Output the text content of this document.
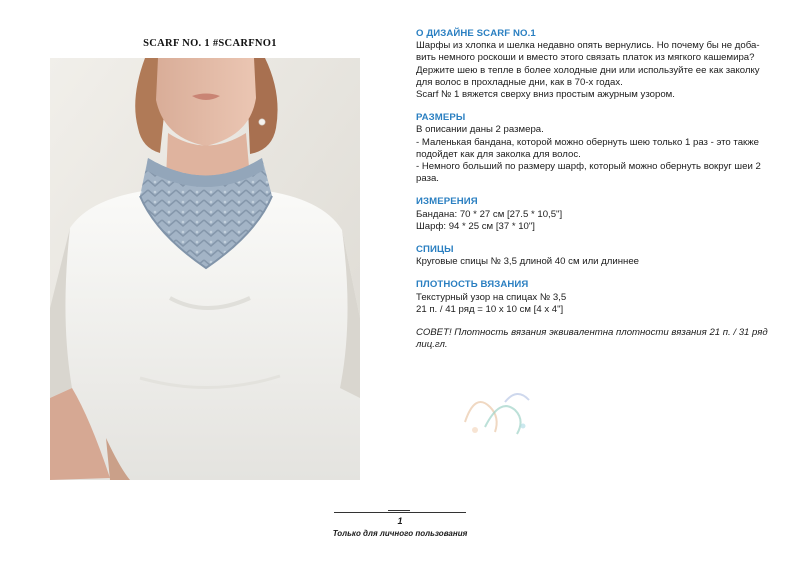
SCARF NO. 1 #SCARFNO1

О ДИЗАЙНЕ SCARF NO.1

Шарфы из хлопка и шелка недавно опять вернулись. Но почему бы не доба-вить немного роскоши и вместо этого связать платок из мягкого кашемира? Держите шею в тепле в более холодные дни или используйте ее как заколку для волос в прохладные дни, как в 70-х годах.

Scarf № 1 вяжется сверху вниз простым ажурным узором.

РАЗМЕРЫ

В описании даны 2 размера.

- Маленькая бандана, которой можно обернуть шею только 1 раз - это также подойдет как для заколка для волос.

- Немного больший по размеру шарф, который можно обернуть вокруг шеи 2 раза.

ИЗМЕРЕНИЯ

Бандана: 70 * 27 см [27.5 * 10,5"]

Шарф: 94 * 25 см [37 * 10"]

СПИЦЫ

Круговые спицы № 3,5 длиной 40 см или длиннее

ПЛОТНОСТЬ ВЯЗАНИЯ

Текстурный узор на спицах № 3,5

21 п. / 41 ряд = 10 х 10 см [4 х 4"]

СОВЕТ! Плотность вязания эквивалентна плотности вязания 21 п. / 31 ряд лиц.гл.

1
Только для личного пользования
